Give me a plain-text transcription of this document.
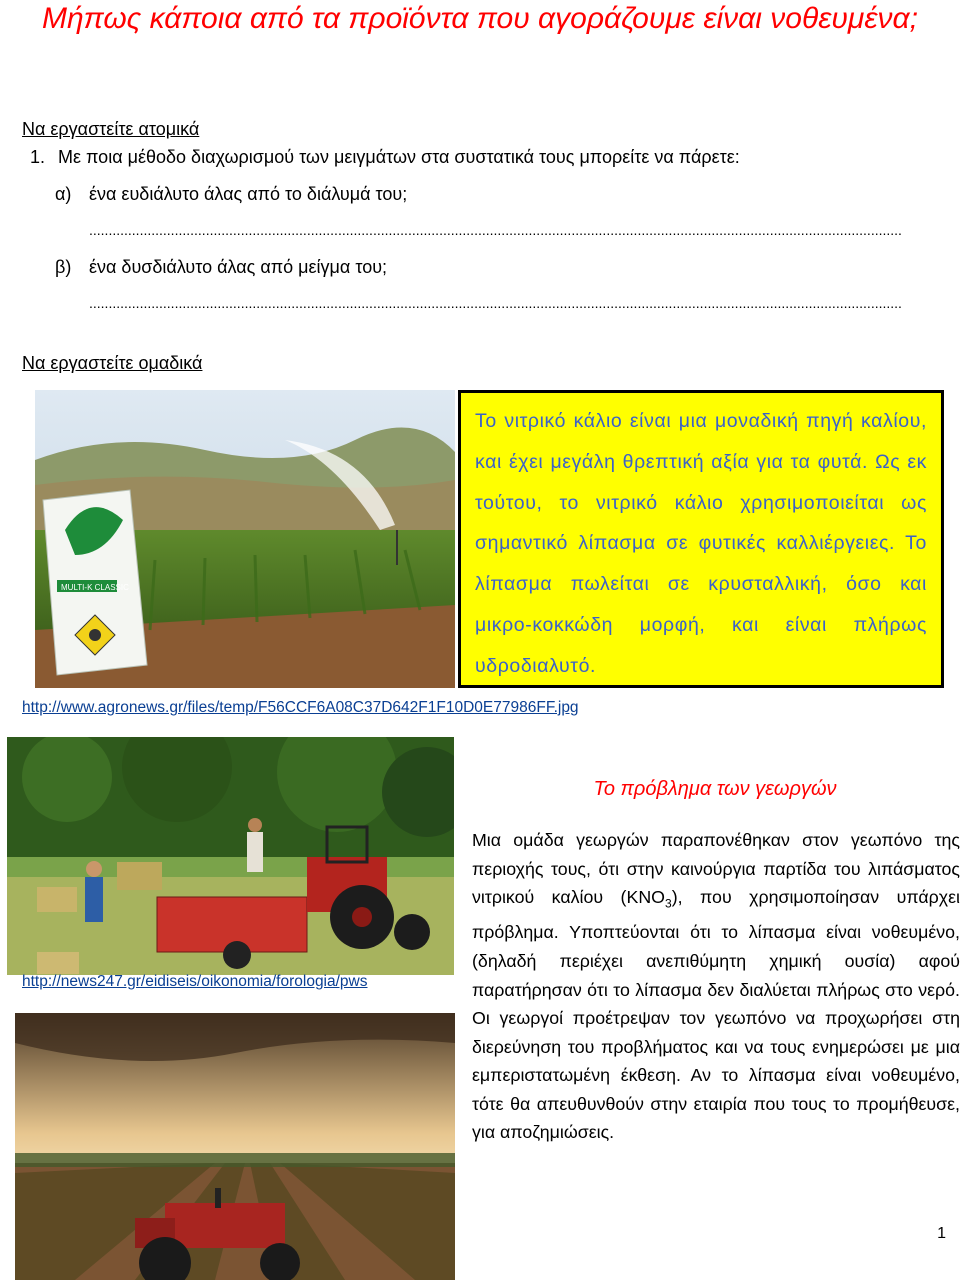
Μήπως κάποια από τα προϊόντα που αγοράζουμε είναι νοθευμένα;
Να εργαστείτε ατομικά
1. Με ποια μέθοδο διαχωρισμού των μειγμάτων στα συστατικά τους μπορείτε να πάρετε:
α) ένα ευδιάλυτο άλας από το διάλυμά του;
.................................................................................................................................................................................................................
β) ένα δυσδιάλυτο άλας από μείγμα του;
.................................................................................................................................................................................................................
Να εργαστείτε ομαδικά
MULTI-K CLASSIC

Το νιτρικό κάλιο είναι μια μοναδική πηγή καλίου, και έχει μεγάλη θρεπτική αξία για τα φυτά. Ως εκ τούτου, το νιτρικό κάλιο χρησιμοποιείται ως σημαντικό λίπασμα σε φυτικές καλλιέργειες. Το λίπασμα πωλείται σε κρυσταλλική, όσο και μικρο-κοκκώδη μορφή, και είναι πλήρως υδροδιαλυτό.

http://www.agronews.gr/files/temp/F56CCF6A08C37D642F1F10D0E77986FF.jpg
http://news247.gr/eidiseis/oikonomia/forologia/pws
Το πρόβλημα των γεωργών

Μια ομάδα γεωργών παραπονέθηκαν στον γεωπόνο της περιοχής τους, ότι στην καινούργια παρτίδα του λιπάσματος νιτρικού καλίου $(KNO_3)$, που χρησιμοποίησαν υπάρχει πρόβλημα. Υποπτεύονται ότι το λίπασμα είναι νοθευμένο, (δηλαδή περιέχει ανεπιθύμητη χημική ουσία) αφού παρατήρησαν ότι το λίπασμα δεν διαλύεται πλήρως στο νερό. Οι γεωργοί προέτρεψαν τον γεωπόνο να προχωρήσει στη διερεύνηση του προβλήματος και να τους ενημερώσει με μια εμπεριστατωμένη έκθεση. Αν το λίπασμα είναι νοθευμένο, τότε θα απευθυνθούν στην εταιρία που τους το προμήθευσε, για αποζημιώσεις.

1
